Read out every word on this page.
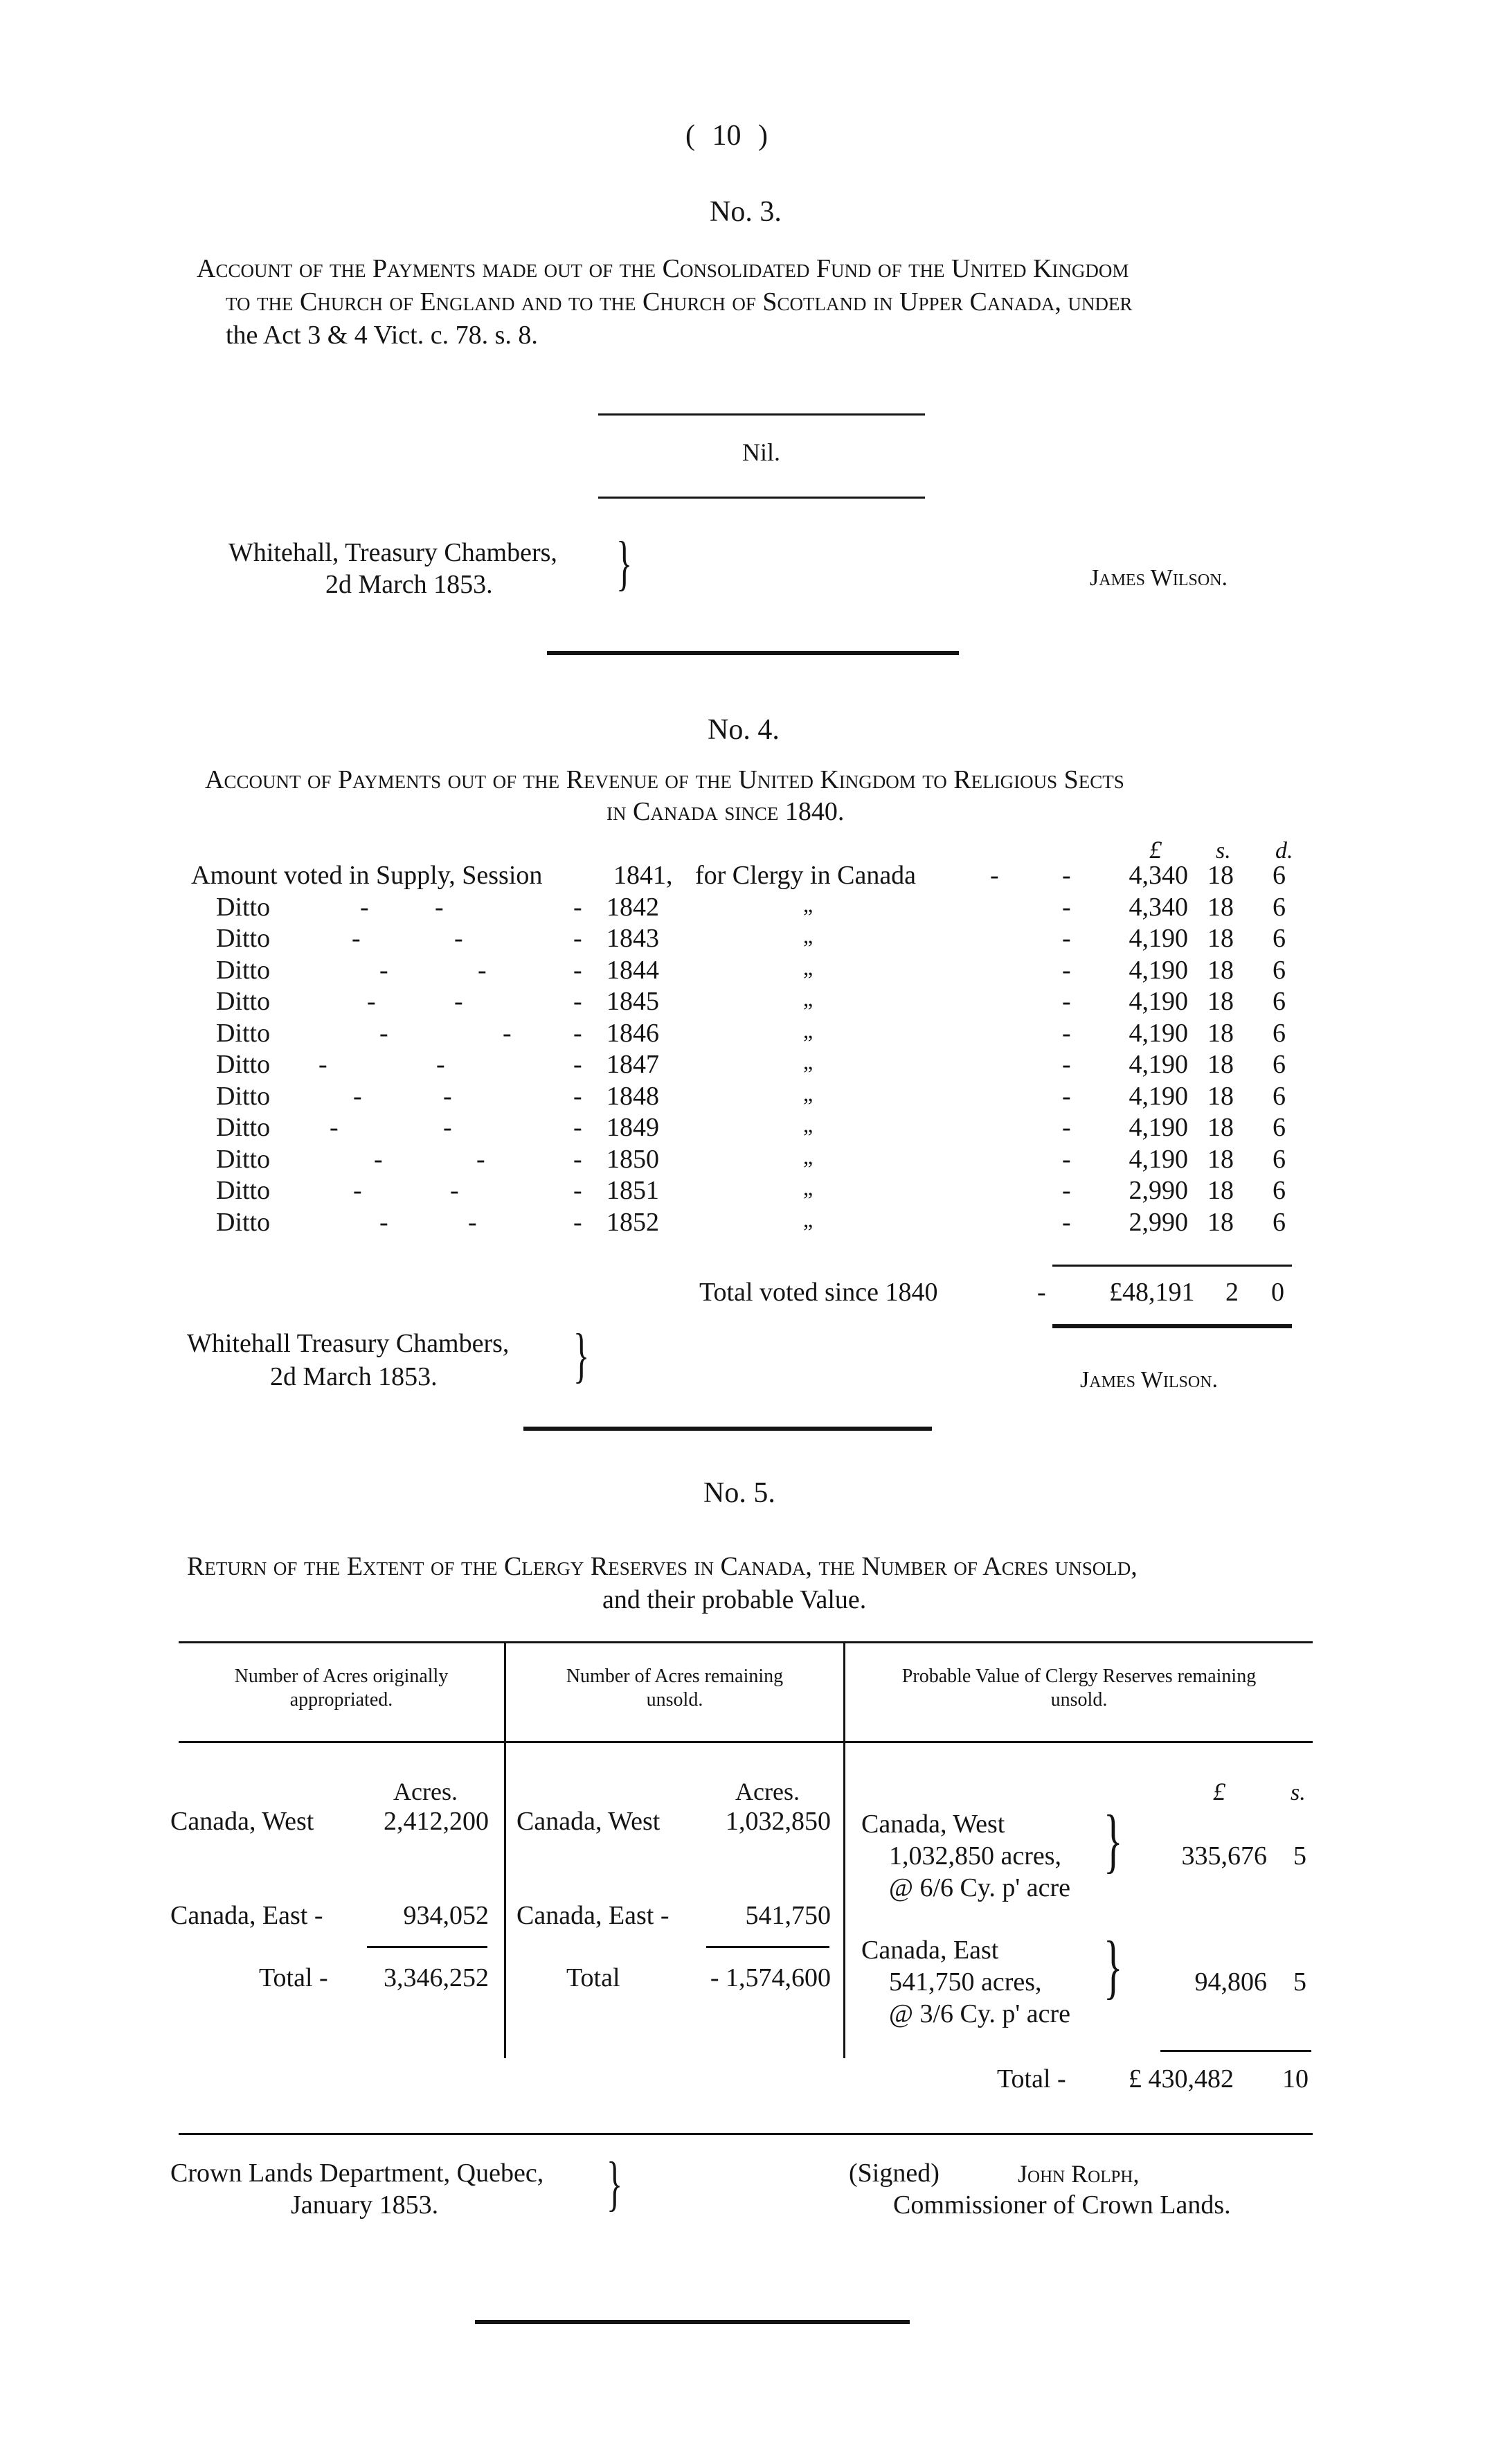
( 10 )
No. 3.
Account of the Payments made out of the Consolidated Fund of the United Kingdom
to the Church of England and to the Church of Scotland in Upper Canada, under
the Act 3 & 4 Vict. c. 78. s. 8.
Nil.
Whitehall, Treasury Chambers,
2d March 1853. }	James Wilson.
No. 4.
Account of Payments out of the Revenue of the United Kingdom to Religious Sects
in Canada since 1840.
£ s. d.
Amount voted in Supply, Session	1841, for Clergy in Canada	- -	4,340 18 6
Ditto	-	-	- 1842	„	-	4,340 18 6
Ditto	-	-	- 1843	„	-	4,190 18 6
Ditto	-	-	- 1844	„	-	4,190 18 6
Ditto	-	-	- 1845	„	-	4,190 18 6
Ditto	-	- - 1846	„	-	4,190 18 6
Ditto -	-	- 1847	„	-	4,190 18 6
Ditto	-	-	- 1848	„	-	4,190 18 6
Ditto -	-	- 1849	„	-	4,190 18 6
Ditto	-	-	- 1850	„	-	4,190 18 6
Ditto	-	-	- 1851	„	-	2,990 18 6
Ditto	-	-	- 1852	„	-	2,990 18 6
Total voted since 1840	- £48,191 2 0
Whitehall Treasury Chambers,
2d March 1853. }	James Wilson.
No. 5.
Return of the Extent of the Clergy Reserves in Canada, the Number of Acres unsold,
and their probable Value.
Number of Acres originally
appropriated.
Number of Acres remaining
unsold.
Probable Value of Clergy Reserves remaining
unsold.
Acres.
Canada, West	2,412,200
Canada, East -	934,052
Total -	3,346,252
Acres.
Canada, West	1,032,850
Canada, East -	541,750
Total	- 1,574,600
£	s.
Canada, West
1,032,850 acres,
@ 6/6 Cy. p' acre
}	335,676 5
Canada, East
541,750 acres,
@ 3/6 Cy. p' acre
}	94,806 5
Total - £ 430,482 10
Crown Lands Department, Quebec,
January 1853.	}	(Signed)	John Rolph,
Commissioner of Crown Lands.
